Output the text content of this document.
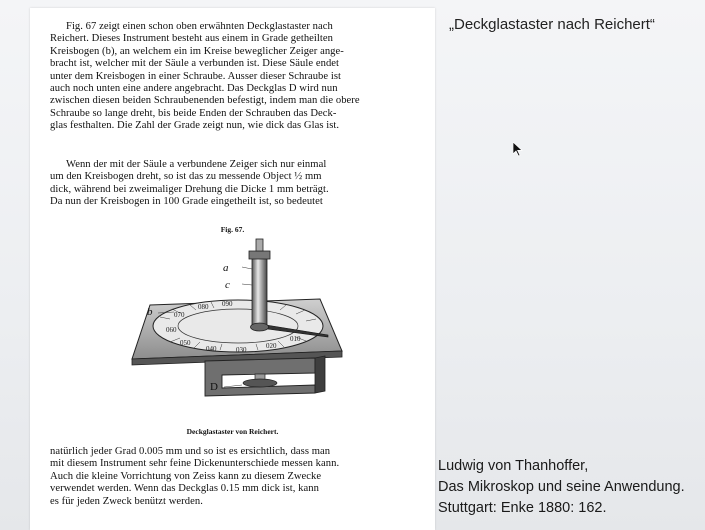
Fig. 67 zeigt einen schon oben erwähnten Deckglastaster nach
Reichert. Dieses Instrument besteht aus einem in Grade getheilten
Kreisbogen (b), an welchem ein im Kreise beweglicher Zeiger ange-
bracht ist, welcher mit der Säule a verbunden ist. Diese Säule endet
unter dem Kreisbogen in einer Schraube. Ausser dieser Schraube ist
auch noch unten eine andere angebracht. Das Deckglas D wird nun
zwischen diesen beiden Schraubenenden befestigt, indem man die obere
Schraube so lange dreht, bis beide Enden der Schrauben das Deck-
glas festhalten. Die Zahl der Grade zeigt nun, wie dick das Glas ist.
Wenn der mit der Säule a verbundene Zeiger sich nur einmal
um den Kreisbogen dreht, so ist das zu messende Object ½ mm
dick, während bei zweimaliger Drehung die Dicke 1 mm beträgt.
Da nun der Kreisbogen in 100 Grade eingetheilt ist, so bedeutet
Fig. 67.
070
080 090
060
050
040	030	020
010
a
c
b
D
Deckglastaster von Reichert.
natürlich jeder Grad 0.005 mm und so ist es ersichtlich, dass man
mit diesem Instrument sehr feine Dickenunterschiede messen kann.
Auch die kleine Vorrichtung von Zeiss kann zu diesem Zwecke
verwendet werden. Wenn das Deckglas 0.15 mm dick ist, kann
es für jeden Zweck benützt werden.
„Deckglastaster nach Reichert“
Ludwig von Thanhoffer,
Das Mikroskop und seine Anwendung.
Stuttgart: Enke 1880: 162.
